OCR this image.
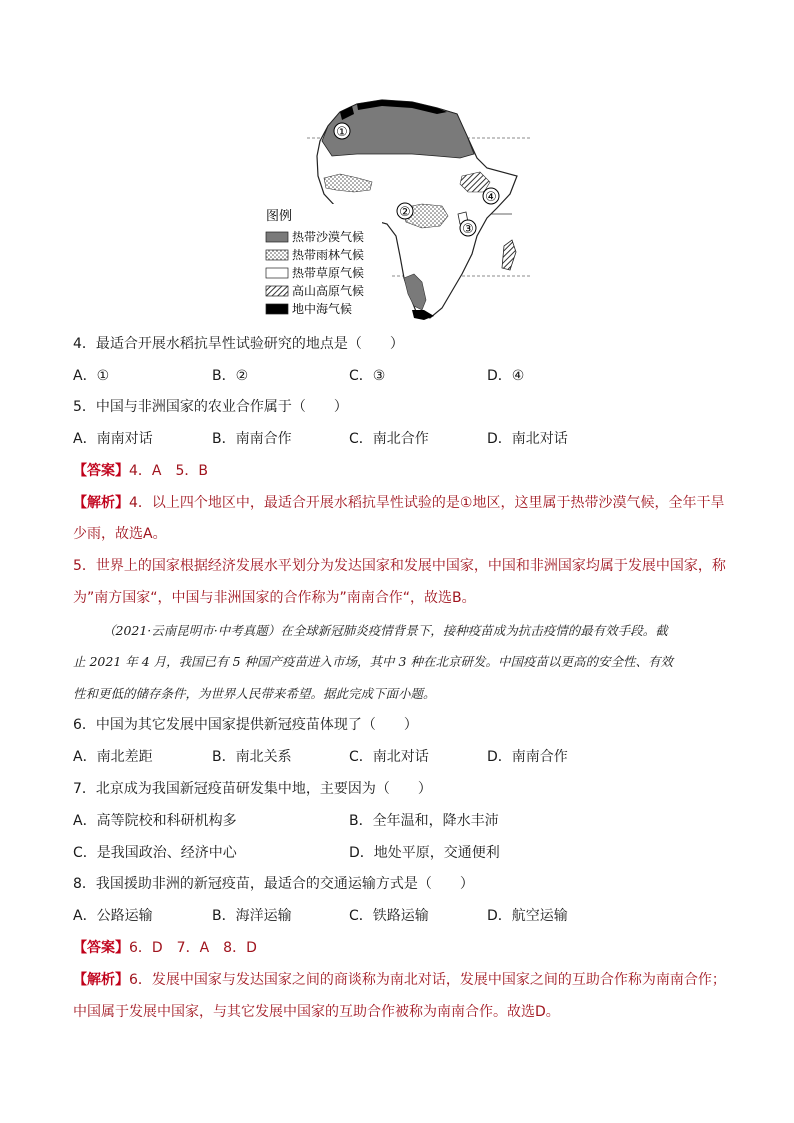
①
②
③
④
图例
热带沙漠气候
热带雨林气候
热带草原气候
高山高原气候
地中海气候
4．最适合开展水稻抗旱性试验研究的地点是（　　）
A．①	B．②	C．③	D．④
5．中国与非洲国家的农业合作属于（　　）
A．南南对话	B．南南合作	C．南北合作	D．南北对话
【答案】4．A　5．B
【解析】4．以上四个地区中，最适合开展水稻抗旱性试验的是①地区，这里属于热带沙漠气候，全年干旱
少雨，故选A。
5．世界上的国家根据经济发展水平划分为发达国家和发展中国家，中国和非洲国家均属于发展中国家，称
为”南方国家“，中国与非洲国家的合作称为”南南合作“，故选B。
（2021·云南昆明市·中考真题）在全球新冠肺炎疫情背景下，接种疫苗成为抗击疫情的最有效手段。截
止 2021 年 4 月，我国已有 5 种国产疫苗进入市场，其中 3 种在北京研发。中国疫苗以更高的安全性、有效
性和更低的储存条件，为世界人民带来希望。据此完成下面小题。
6．中国为其它发展中国家提供新冠疫苗体现了（　　）
A．南北差距	B．南北关系	C．南北对话	D．南南合作
7．北京成为我国新冠疫苗研发集中地，主要因为（　　）
A．高等院校和科研机构多	B．全年温和，降水丰沛
C．是我国政治、经济中心	D．地处平原，交通便利
8．我国援助非洲的新冠疫苗，最适合的交通运输方式是（　　）
A．公路运输	B．海洋运输	C．铁路运输	D．航空运输
【答案】6．D　7．A　8．D
【解析】6．发展中国家与发达国家之间的商谈称为南北对话，发展中国家之间的互助合作称为南南合作；
中国属于发展中国家，与其它发展中国家的互助合作被称为南南合作。故选D。
